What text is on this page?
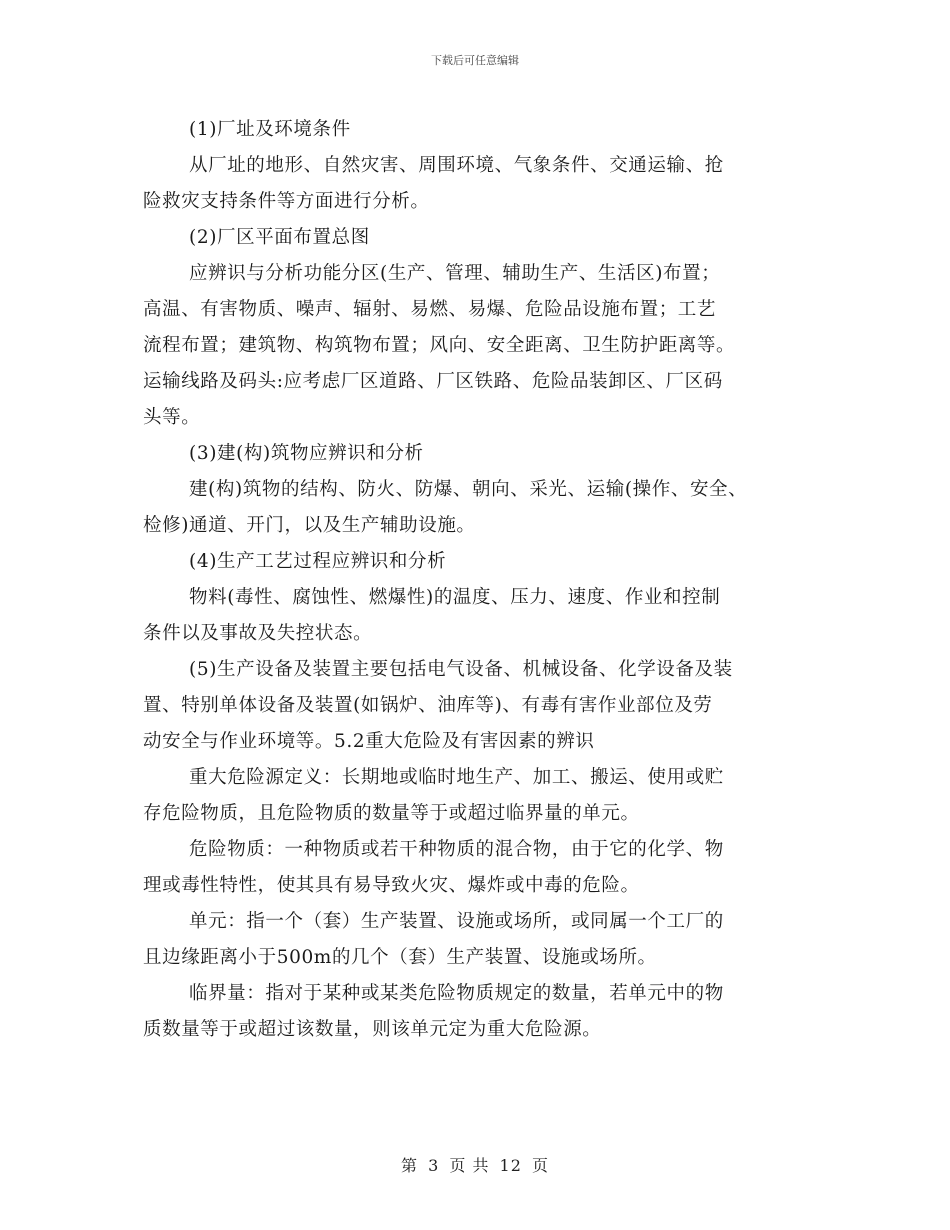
下载后可任意编辑
(1)厂址及环境条件
从厂址的地形、自然灾害、周围环境、气象条件、交通运输、抢
险救灾支持条件等方面进行分析。
(2)厂区平面布置总图
应辨识与分析功能分区(生产、管理、辅助生产、生活区)布置；
高温、有害物质、噪声、辐射、易燃、易爆、危险品设施布置；工艺
流程布置；建筑物、构筑物布置；风向、安全距离、卫生防护距离等。
运输线路及码头:应考虑厂区道路、厂区铁路、危险品装卸区、厂区码
头等。
(3)建(构)筑物应辨识和分析
建(构)筑物的结构、防火、防爆、朝向、采光、运输(操作、安全、
检修)通道、开门，以及生产辅助设施。
(4)生产工艺过程应辨识和分析
物料(毒性、腐蚀性、燃爆性)的温度、压力、速度、作业和控制
条件以及事故及失控状态。
(5)生产设备及装置主要包括电气设备、机械设备、化学设备及装
置、特别单体设备及装置(如锅炉、油库等)、有毒有害作业部位及劳
动安全与作业环境等。5.2重大危险及有害因素的辨识
重大危险源定义：长期地或临时地生产、加工、搬运、使用或贮
存危险物质，且危险物质的数量等于或超过临界量的单元。
危险物质：一种物质或若干种物质的混合物，由于它的化学、物
理或毒性特性，使其具有易导致火灾、爆炸或中毒的危险。
单元：指一个（套）生产装置、设施或场所，或同属一个工厂的
且边缘距离小于500m的几个（套）生产装置、设施或场所。
临界量：指对于某种或某类危险物质规定的数量，若单元中的物
质数量等于或超过该数量，则该单元定为重大危险源。
第 3 页 共 12 页
